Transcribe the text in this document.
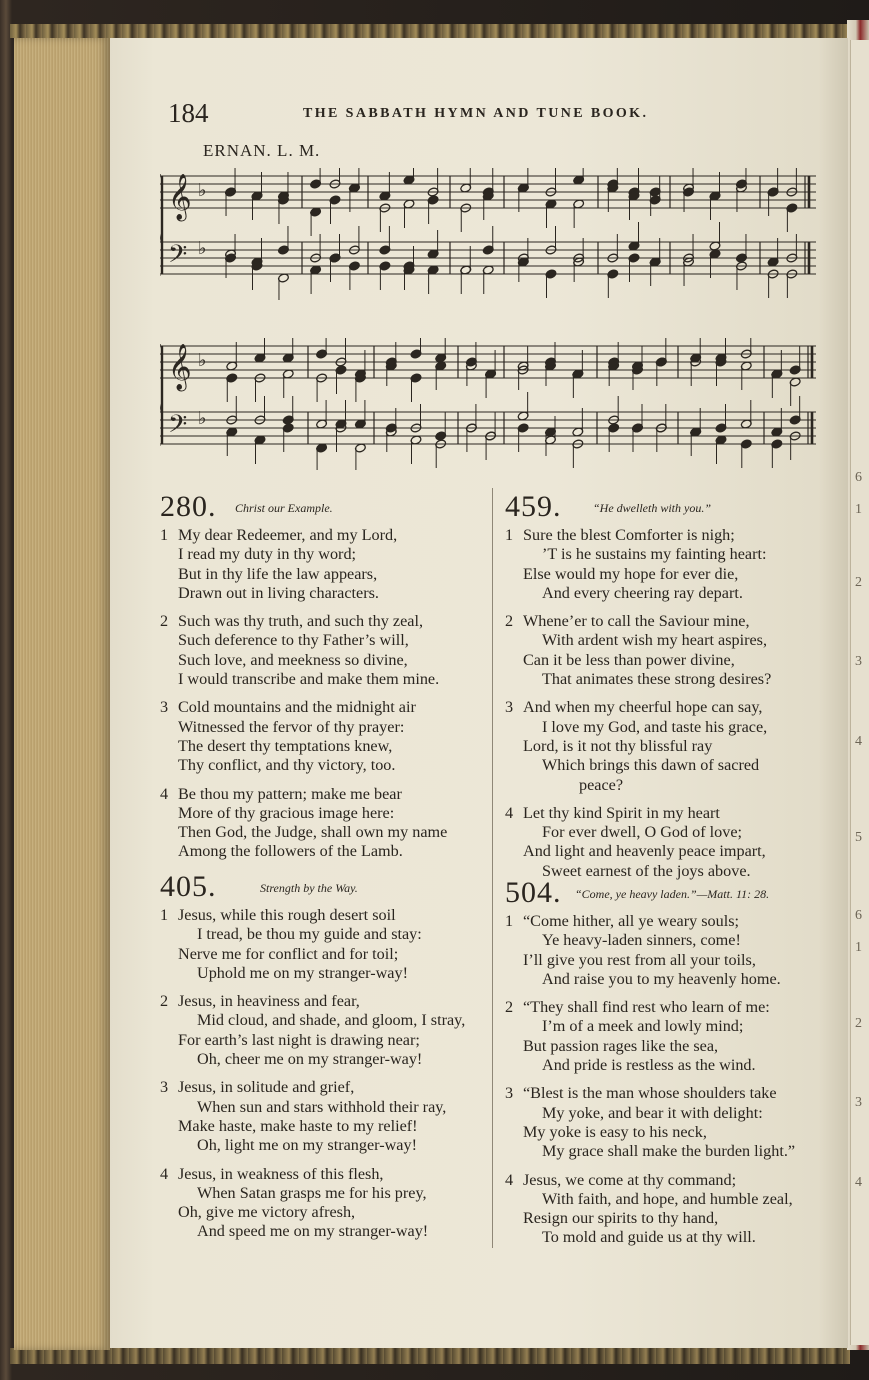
6
1
2
3
4
5
6
1
2
3
4
184	THE SABBATH HYMN AND TUNE BOOK.
ERNAN. L. M.
𝄞
𝄢
♭
♭
𝄞
𝄢
♭
♭
280. Christ our Example.
1 My dear Redeemer, and my Lord,
I read my duty in thy word;
But in thy life the law appears,
Drawn out in living characters.
2 Such was thy truth, and such thy zeal,
Such deference to thy Father’s will,
Such love, and meekness so divine,
I would transcribe and make them mine.
3 Cold mountains and the midnight air
Witnessed the fervor of thy prayer:
The desert thy temptations knew,
Thy conflict, and thy victory, too.
4 Be thou my pattern; make me bear
More of thy gracious image here:
Then God, the Judge, shall own my name
Among the followers of the Lamb.
405.	Strength by the Way.
1 Jesus, while this rough desert soil
I tread, be thou my guide and stay:
Nerve me for conflict and for toil;
Uphold me on my stranger-way!
2 Jesus, in heaviness and fear,
Mid cloud, and shade, and gloom, I stray,
For earth’s last night is drawing near;
Oh, cheer me on my stranger-way!
3 Jesus, in solitude and grief,
When sun and stars withhold their ray,
Make haste, make haste to my relief!
Oh, light me on my stranger-way!
4 Jesus, in weakness of this flesh,
When Satan grasps me for his prey,
Oh, give me victory afresh,
And speed me on my stranger-way!
459.	“He dwelleth with you.”
1 Sure the blest Comforter is nigh;
’T is he sustains my fainting heart:
Else would my hope for ever die,
And every cheering ray depart.
2 Whene’er to call the Saviour mine,
With ardent wish my heart aspires,
Can it be less than power divine,
That animates these strong desires?
3 And when my cheerful hope can say,
I love my God, and taste his grace,
Lord, is it not thy blissful ray
Which brings this dawn of sacred
peace?
4 Let thy kind Spirit in my heart
For ever dwell, O God of love;
And light and heavenly peace impart,
Sweet earnest of the joys above.
504. “Come, ye heavy laden.”—Matt. 11: 28.
1 “Come hither, all ye weary souls;
Ye heavy-laden sinners, come!
I’ll give you rest from all your toils,
And raise you to my heavenly home.
2 “They shall find rest who learn of me:
I’m of a meek and lowly mind;
But passion rages like the sea,
And pride is restless as the wind.
3 “Blest is the man whose shoulders take
My yoke, and bear it with delight:
My yoke is easy to his neck,
My grace shall make the burden light.”
4 Jesus, we come at thy command;
With faith, and hope, and humble zeal,
Resign our spirits to thy hand,
To mold and guide us at thy will.
